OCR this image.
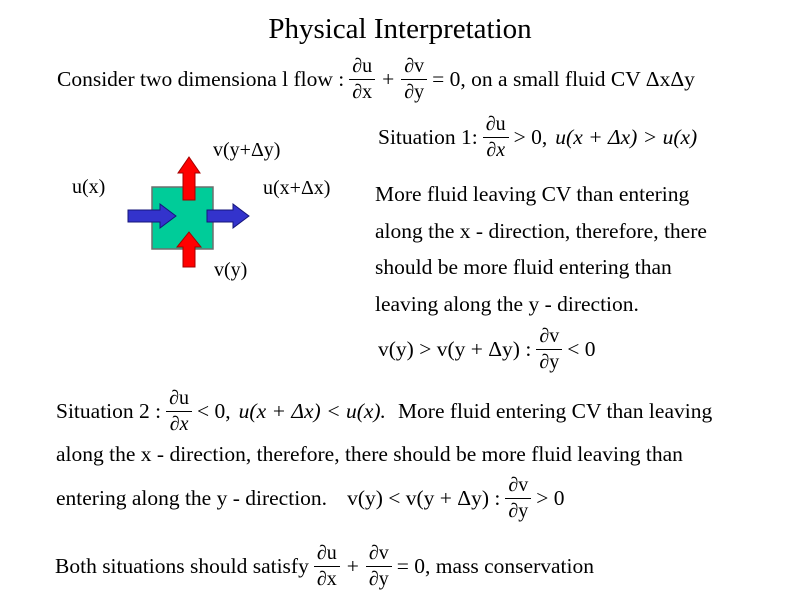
Physical Interpretation
Consider two dimensiona l flow : $\frac{\partial u}{\partial x} + \frac{\partial v}{\partial y} = 0$, on a small fluid CV ΔxΔy
v(y+Δy)
u(x)	u(x+Δx)
v(y)
Situation 1: $\frac{\partial u}{\partial x} > 0$, u(x + Δx) > u(x)
More fluid leaving CV than entering
along the x - direction, therefore, there
should be more fluid entering than
leaving along the y - direction.
v(y) > v(y + Δy) : $\frac{\partial v}{\partial y} < 0$
Situation 2 : $\frac{\partial u}{\partial x} < 0$, u(x + Δx) < u(x). More fluid entering CV than leaving
along the x - direction, therefore, there should be more fluid leaving than
entering along the y - direction. v(y) < v(y + Δy) : $\frac{\partial v}{\partial y} > 0$
Both situations should satisfy $\frac{\partial u}{\partial x} + \frac{\partial v}{\partial y} = 0$, mass conservation
